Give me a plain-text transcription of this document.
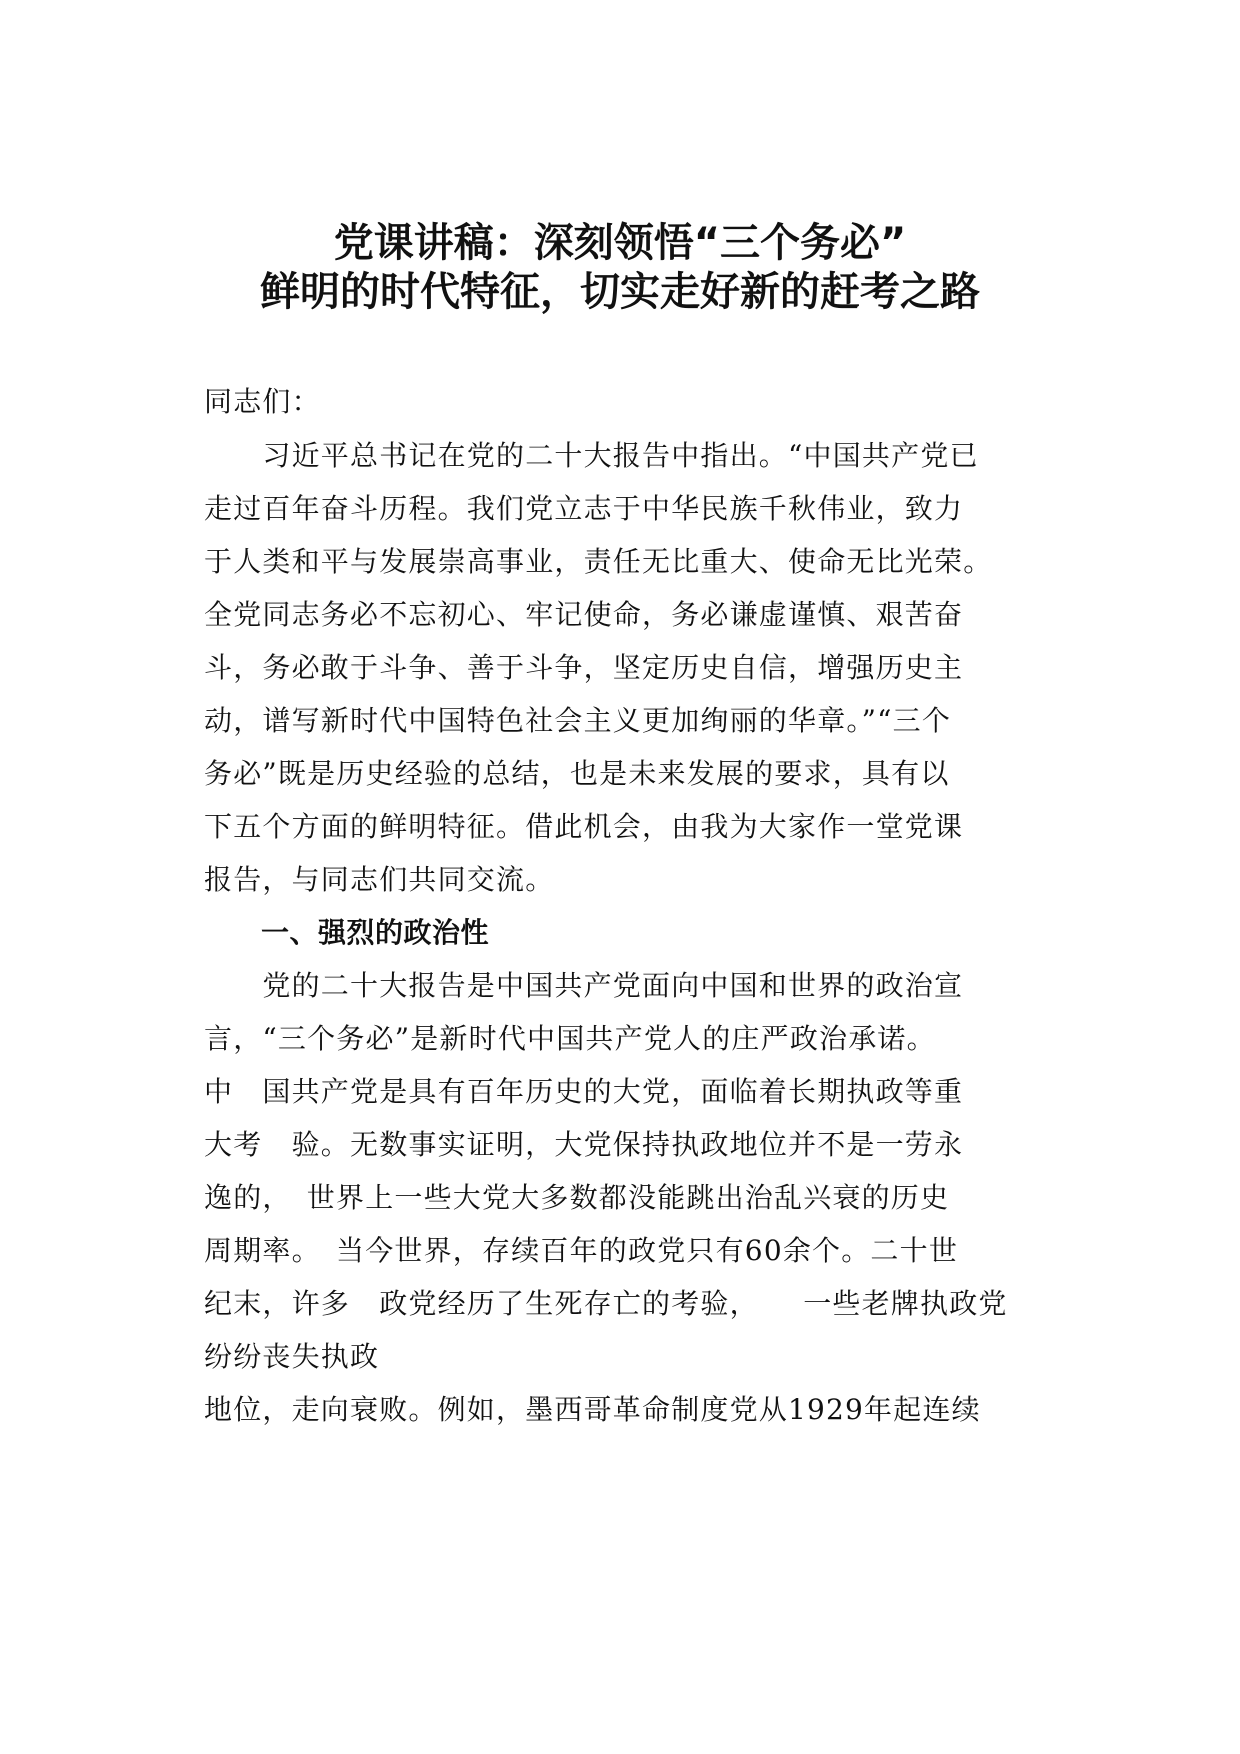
党课讲稿：深刻领悟“三个务必”
鲜明的时代特征，切实走好新的赶考之路
同志们：
　　习近平总书记在党的二十大报告中指出。“中国共产党已
走过百年奋斗历程。我们党立志于中华民族千秋伟业，致力
于人类和平与发展崇高事业，责任无比重大、使命无比光荣。
全党同志务必不忘初心、牢记使命，务必谦虚谨慎、艰苦奋
斗，务必敢于斗争、善于斗争，坚定历史自信，增强历史主
动，谱写新时代中国特色社会主义更加绚丽的华章。”“三个
务必”既是历史经验的总结，也是未来发展的要求，具有以
下五个方面的鲜明特征。借此机会，由我为大家作一堂党课
报告，与同志们共同交流。
　　一、强烈的政治性
　　党的二十大报告是中国共产党面向中国和世界的政治宣
言，“三个务必”是新时代中国共产党人的庄严政治承诺。
中　国共产党是具有百年历史的大党，面临着长期执政等重
大考　验。无数事实证明，大党保持执政地位并不是一劳永
逸的，　世界上一些大党大多数都没能跳出治乱兴衰的历史
周期率。　当今世界，存续百年的政党只有60余个。二十世
纪末，许多　政党经历了生死存亡的考验，　　一些老牌执政党
纷纷丧失执政
地位，走向衰败。例如，墨西哥革命制度党从1929年起连续
